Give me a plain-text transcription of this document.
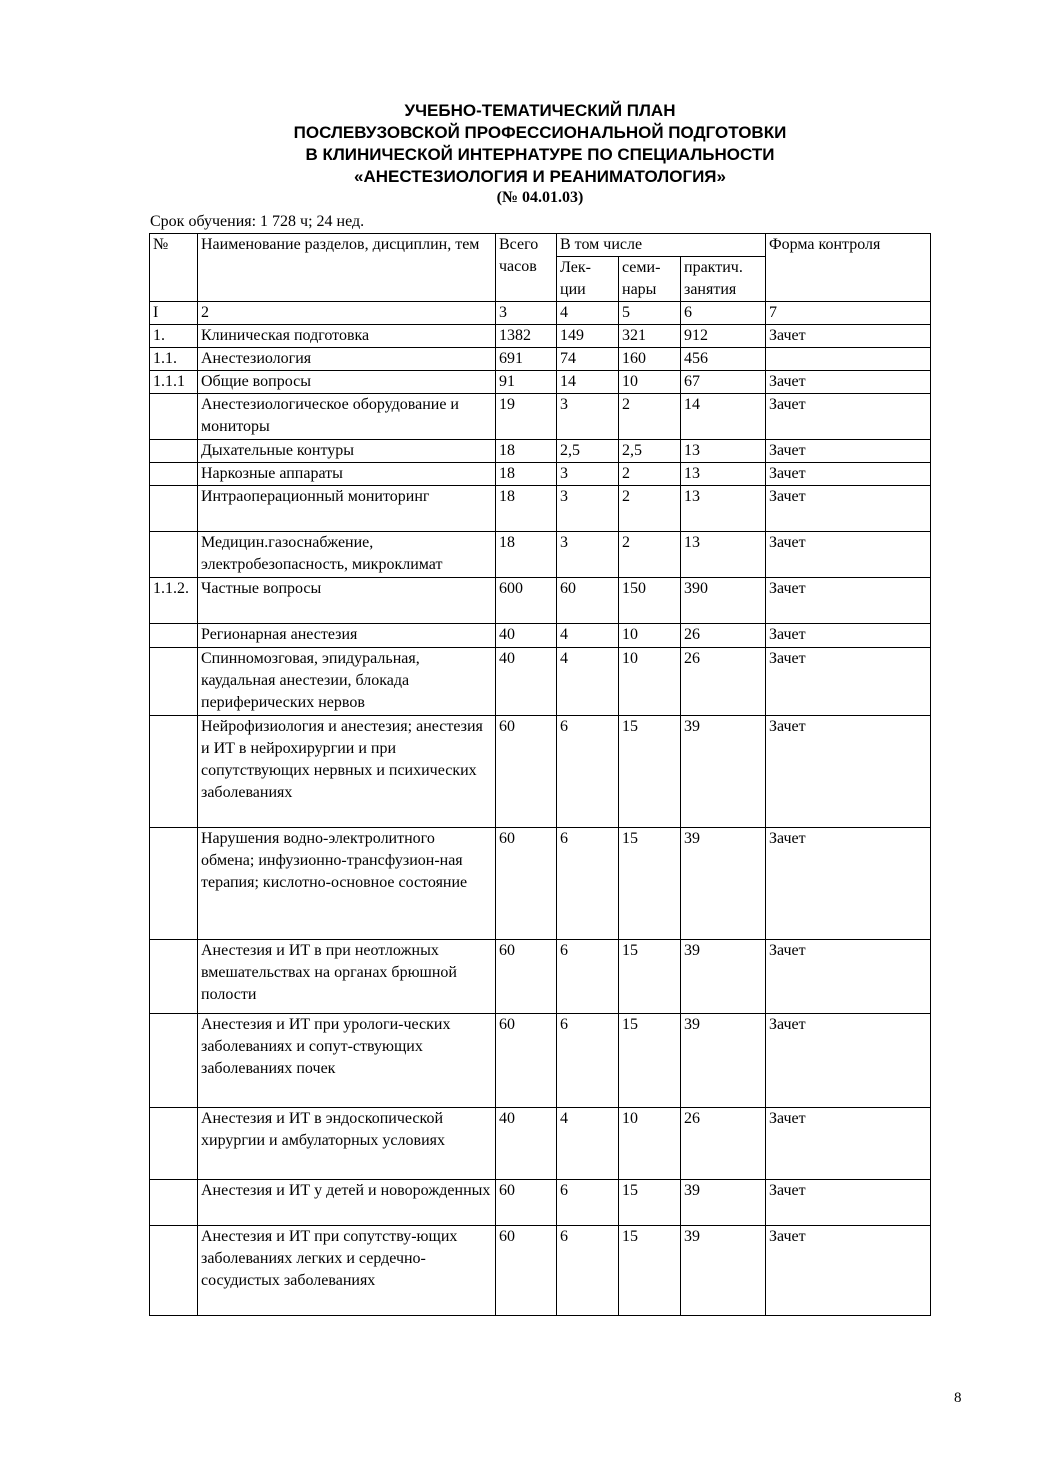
УЧЕБНО-ТЕМАТИЧЕСКИЙ ПЛАН
ПОСЛЕВУЗОВСКОЙ ПРОФЕССИОНАЛЬНОЙ ПОДГОТОВКИ
В КЛИНИЧЕСКОЙ ИНТЕРНАТУРЕ ПО СПЕЦИАЛЬНОСТИ
«АНЕСТЕЗИОЛОГИЯ И РЕАНИМАТОЛОГИЯ»
(№ 04.01.03)
Срок обучения: 1 728 ч; 24 нед.
№	Наименование разделов, дисциплин, тем	Всего часов	В том числе			Форма контроля
			Лек-ции	семи-нары	практич. занятия	
I	2	3	4	5	6	7
1.	Клиническая подготовка	1382	149	321	912	Зачет
1.1.	Анестезиология	691	74	160	456	
1.1.1	Общие вопросы	91	14	10	67	Зачет
	Анестезиологическое оборудование и мониторы	19	3	2	14	Зачет
	Дыхательные контуры	18	2,5	2,5	13	Зачет
	Наркозные аппараты	18	3	2	13	Зачет
	Интраоперационный мониторинг	18	3	2	13	Зачет
	Медицин.газоснабжение, электробезопасность, микроклимат	18	3	2	13	Зачет
1.1.2.	Частные вопросы	600	60	150	390	Зачет
	Регионарная анестезия	40	4	10	26	Зачет
	Спинномозговая, эпидуральная, каудальная анестезии, блокада периферических нервов	40	4	10	26	Зачет
	Нейрофизиология и анестезия; анестезия и ИТ в нейрохирургии и при сопутствующих нервных и психических заболеваниях	60	6	15	39	Зачет
	Нарушения водно-электролитного обмена; инфузионно-трансфузион-ная терапия; кислотно-основное состояние	60	6	15	39	Зачет
	Анестезия и ИТ в при неотложных вмешательствах на органах брюшной полости	60	6	15	39	Зачет
	Анестезия и ИТ при урологи-ческих заболеваниях и сопут-ствующих заболеваниях почек	60	6	15	39	Зачет
	Анестезия и ИТ в эндоскопической хирургии и амбулаторных условиях	40	4	10	26	Зачет
	Анестезия и ИТ у детей и новорожденных	60	6	15	39	Зачет
	Анестезия и ИТ при сопутству-ющих заболеваниях легких и сердечно-сосудистых заболеваниях	60	6	15	39	Зачет
8
